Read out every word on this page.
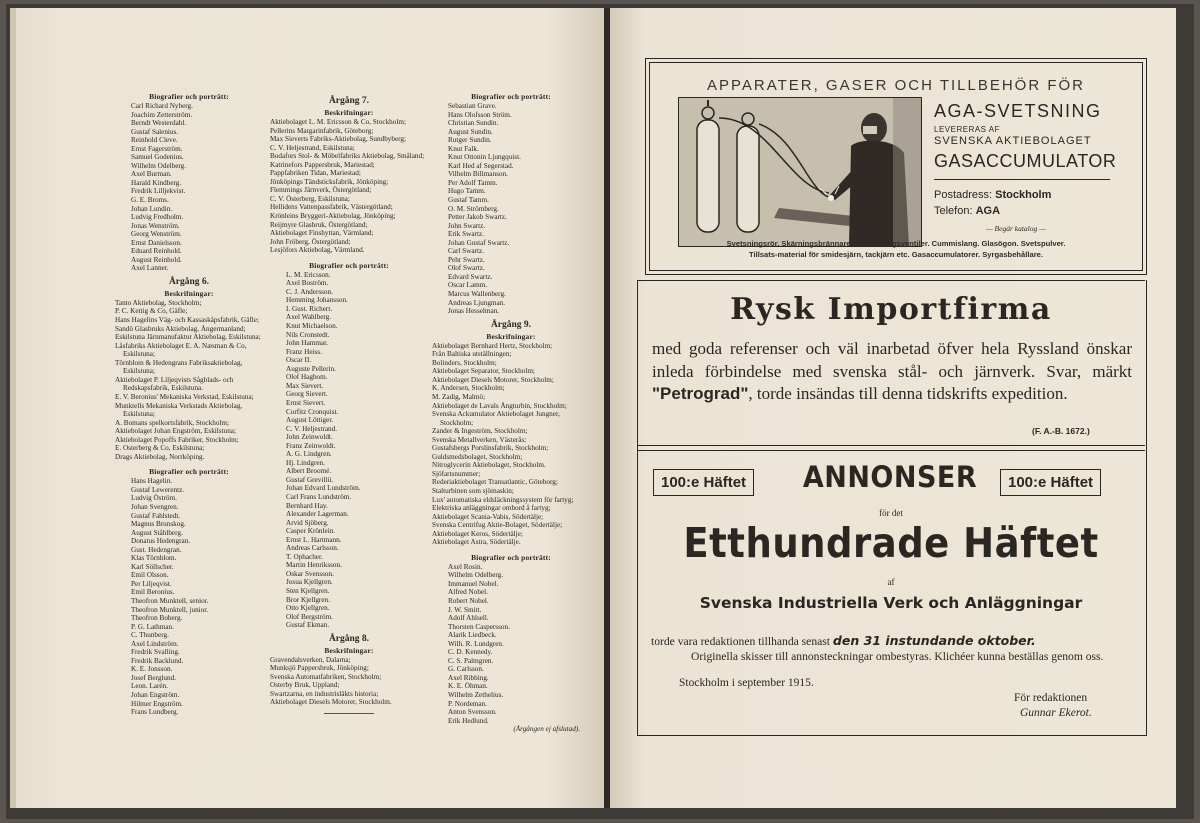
Biografier och porträtt:
Carl Richard Nyberg.
Joachim Zetterström.
Berndt Westerdahl.
Gustaf Salenius.
Reinhold Cleve.
Ernst Fagerström.
Samuel Godenius.
Wilhelm Odelberg.
Axel Burman.
Harald Kindberg.
Fredrik Lilljekvist.
G. E. Broms.
Johan Lundin.
Ludvig Fredholm.
Jonas Wenström.
Georg Wenström.
Ernst Danielsson.
Eduard Reinhold.
August Reinhold.
Axel Lanner.
Årgång 6.
Beskrifningar:
Tanto Aktiebolag, Stockholm;
P. C. Kettig & Co, Gäfle;
Hans Hagelins Väg- och Kassaskåpsfabrik, Gäfle;
Sandö Glasbruks Aktiebolag, Ångermanland;
Eskilstuna Järnmanufaktur Aktiebolag, Eskilstuna;
Låsfabriks Aktiebolaget E. A. Næsman & Co, Eskilstuna;
Törnblom & Hedengrans Fabriksaktiebolag, Eskilstuna;
Aktiebolaget P. Liljeqvists Sågblads- och Redskapsfabrik, Eskilstuna.
E. V. Beronius' Mekaniska Verkstad, Eskilstuna;
Munktells Mekaniska Verkstads Aktiebolag, Eskilstuna;
A. Bomans spelkortsfabrik, Stockholm;
Aktiebolaget Johan Engström, Eskilstuna;
Aktiebolaget Popoffs Fabriker, Stockholm;
E. Osterberg & Co, Eskilstuna;
Drags Aktiebolag, Norrköping.
Biografier och porträtt:
Hans Hagelin.
Gustaf Lewerentz.
Ludvig Öström.
Johan Svengren.
Gustaf Fahlstedt.
Magnus Brunskog.
August Ståhlberg.
Donatus Hedengran.
Gust. Hedengran.
Klas Törnblom.
Karl Söllscher.
Emil Olsson.
Per Liljeqvist.
Emil Beronius.
Theofron Munktell, senior.
Theofron Munktell, junior.
Theofron Boberg.
P. G. Lathman.
C. Thunberg.
Axel Lindström.
Fredrik Svalling.
Fredrik Backlund.
K. E. Jonsson.
Josef Berglund.
Leon. Larén.
Johan Engström.
Hilmer Engström.
Frans Lundberg.
Årgång 7.
Beskrifningar:
Aktiebolaget L. M. Ericsson & Co, Stockholm;
Pellerins Margarinfabrik, Göteborg;
Max Sieverts Fabriks-Aktiebolag, Sundbyberg;
C. V. Heljestrand, Eskilstuna;
Bodafors Stol- & Möbelfabriks Aktiebolag, Småland;
Katrinefors Pappersbruk, Mariestad;
Pappfabriken Tidan, Mariestad;
Jönköpings Tändsticksfabrik, Jönköping;
Flemmings Järnverk, Östergötland;
C. V. Österberg, Eskilstuna;
Hellidens Vattenpassfabrik, Västergötland;
Krönleins Bryggeri-Aktiebolag, Jönköping;
Reijmyre Glasbruk, Östergötland;
Aktiebolaget Finshyttan, Värmland;
John Fröberg, Östergötland;
Lesjöfors Aktiebolag, Värmland.
Biografier och porträtt:
L. M. Ericsson.
Axel Boström.
C. J. Andersson.
Hemming Johansson.
I. Gust. Richert.
Axel Wahlberg.
Knut Michaelson.
Nils Cronstedt.
John Hammar.
Franz Heiss.
Oscar II.
Auguste Pellerin.
Olof Hagbom.
Max Sievert.
Georg Sievert.
Ernst Sievert.
Corfitz Cronquist.
August Löttiger.
C. V. Heljestrand.
John Zeinwoldt.
Franz Zeinwoldt.
A. G. Lindgren.
Hj. Lindgren.
Albert Broomé.
Gustaf Grevillii.
Johan Edvard Lundström.
Carl Frans Lundström.
Bernhard Hay.
Alexander Lagerman.
Arvid Sjöberg.
Casper Krönlein.
Ernst L. Hartmann.
Andreas Carlsson.
T. Ophacher.
Martin Henriksson.
Oskar Svensson.
Josua Kjellgren.
Sten Kjellgren.
Bror Kjellgren.
Otto Kjellgren.
Olof Bergström.
Gustaf Ekman.
Årgång 8.
Beskrifningar:
Gravendalsverken, Dalarna;
Munksjö Pappersbruk, Jönköping;
Svenska Automatfabriken, Stockholm;
Osterby Bruk, Uppland;
Swartzarna, en industrisläkts historia;
Aktiebolaget Diesels Motorer, Stockholm.
Biografier och porträtt:
Sebastian Grave.
Hans Olofsson Ström.
Christian Sundin.
August Sundin.
Rutger Sundin.
Knut Falk.
Knut Ottonin Ljungquist.
Karl Hed af Segerstad.
Vilhelm Billmanson.
Per Adolf Tamm.
Hugo Tamm.
Gustaf Tamm.
O. M. Strömberg.
Petter Jakob Swartz.
John Swartz.
Erik Swartz.
Johan Gustaf Swartz.
Carl Swartz.
Pehr Swartz.
Olof Swartz.
Edvard Swartz.
Oscar Lamm.
Marcus Wallenberg.
Andreas Ljungman.
Jonas Hesselman.
Årgång 9.
Beskrifningar:
Aktiebolaget Bernhard Hertz, Stockholm;
Från Baltiska utställningen;
Bolinders, Stockholm;
Aktiebolaget Separator, Stockholm;
Aktiebolaget Diesels Motorer, Stockholm;
K. Andersen, Stockholm;
M. Zadig, Malmö;
Aktiebolaget de Lavals Ångturbin, Stockholm;
Svenska Ackumulator Aktiebolaget Jungner, Stockholm;
Zander & Ingeström, Stockholm;
Svenska Metallverken, Västerås;
Gustafsbergs Porslinsfabrik, Stockholm;
Guldsmedsbolaget, Stockholm;
Nitroglycerin Aktiebolaget, Stockholm.
Sjöfartsnummer;
Rederiaktiebolaget Transatlantic, Göteborg;
Stalturbinen som sjömaskin;
Lux' automatiska eldsläckningssystem för fartyg;
Elektriska anläggningar ombord å fartyg;
Aktiebolaget Scania-Vabis, Södertälje;
Svenska Centrifug Aktie-Bolaget, Södertälje;
Aktiebolaget Keros, Södertälje;
Aktiebolaget Astra, Södertälje.
Biografier och porträtt:
Axel Rosin.
Wilhelm Odelberg.
Immanuel Nobel.
Alfred Nobel.
Robert Nobel.
J. W. Smitt.
Adolf Ahlsell.
Thorsten Caspersson.
Alarik Liedbeck.
Wilh. R. Lundgren.
C. D. Kennedy.
C. S. Palmgren.
G. Carlsson.
Axel Ribbing.
K. E. Öhman.
Wilhelm Zethelius.
P. Nordeman.
Anton Svensson.
Erik Hedlund.
(Årgången ej afslutad).
APPARATER, GASER OCH TILLBEHÖR FÖR
AGA-SVETSNING
LEVERERAS AF
SVENSKA AKTIEBOLAGET
GASACCUMULATOR
Postadress: Stockholm
Telefon: AGA
— Begär katalog —
Svetsningsrör. Skärningsbrännare. Reduceringsventiler. Cummislang. Glasögon. Svetspulver.
Tillsats-material för smidesjärn, tackjärn etc. Gasaccumulatorer. Syrgasbehållare.
Rysk Importfirma
med goda referenser och väl inarbetad öfver hela Ryssland önskar inleda förbindelse med svenska stål- och järnverk. Svar, märkt "Petrograd", torde insändas till denna tidskrifts expedition.
(F. A.-B. 1672.)
100:e Häftet	100:e Häftet
ANNONSER
för det
Etthundrade Häftet
af
Svenska Industriella Verk och Anläggningar
torde vara redaktionen tillhanda senast den 31 instundande oktober.
Originella skisser till annonsteckningar ombestyras. Klichéer kunna beställas genom oss.
Stockholm i september 1915.
För redaktionen
Gunnar Ekerot.
